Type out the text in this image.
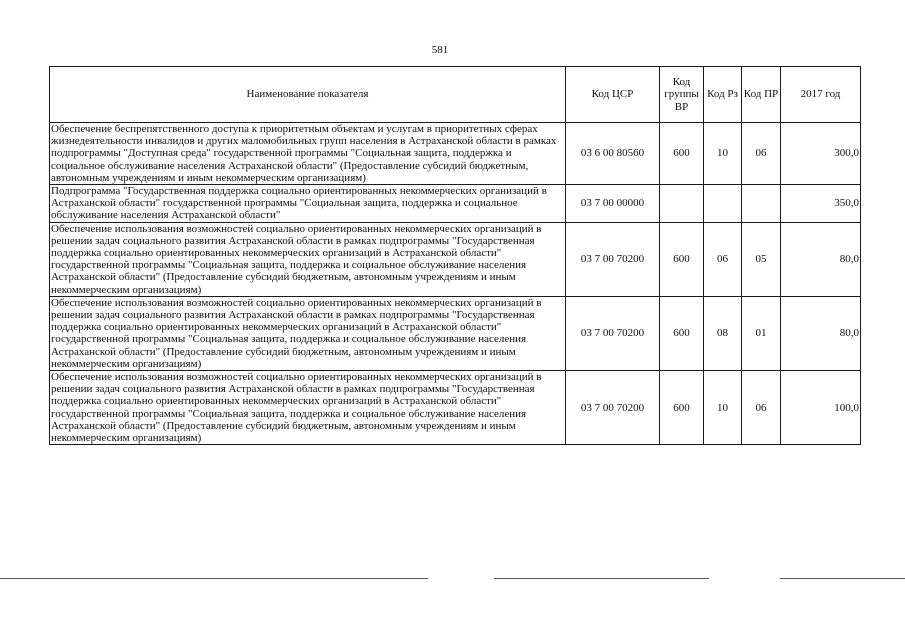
581
Наименование показателя	Код ЦСР	Код группы ВР	Код Рз	Код ПР	2017 год
Обеспечение беспрепятственного доступа к приоритетным объектам и услугам в приоритетных сферах жизнедеятельности инвалидов и других маломобильных групп населения в Астраханской области в рамках подпрограммы "Доступная среда" государственной программы "Социальная защита, поддержка и социальное обслуживание населения Астраханской области" (Предоставление субсидий бюджетным, автономным учреждениям и иным некоммерческим организациям)	03 6 00 80560	600	10	06	300,0
Подпрограмма "Государственная поддержка социально ориентированных некоммерческих организаций в Астраханской области" государственной программы "Социальная защита, поддержка и социальное обслуживание населения Астраханской области"	03 7 00 00000				350,0
Обеспечение использования возможностей социально ориентированных некоммерческих организаций в решении задач социального развития Астраханской области в рамках подпрограммы "Государственная поддержка социально ориентированных некоммерческих организаций в Астраханской области" государственной программы "Социальная защита, поддержка и социальное обслуживание населения Астраханской области" (Предоставление субсидий бюджетным, автономным учреждениям и иным некоммерческим организациям)	03 7 00 70200	600	06	05	80,0
Обеспечение использования возможностей социально ориентированных некоммерческих организаций в решении задач социального развития Астраханской области в рамках подпрограммы "Государственная поддержка социально ориентированных некоммерческих организаций в Астраханской области" государственной программы "Социальная защита, поддержка и социальное обслуживание населения Астраханской области" (Предоставление субсидий бюджетным, автономным учреждениям и иным некоммерческим организациям)	03 7 00 70200	600	08	01	80,0
Обеспечение использования возможностей социально ориентированных некоммерческих организаций в решении задач социального развития Астраханской области в рамках подпрограммы "Государственная поддержка социально ориентированных некоммерческих организаций в Астраханской области" государственной программы "Социальная защита, поддержка и социальное обслуживание населения Астраханской области" (Предоставление субсидий бюджетным, автономным учреждениям и иным некоммерческим организациям)	03 7 00 70200	600	10	06	100,0
